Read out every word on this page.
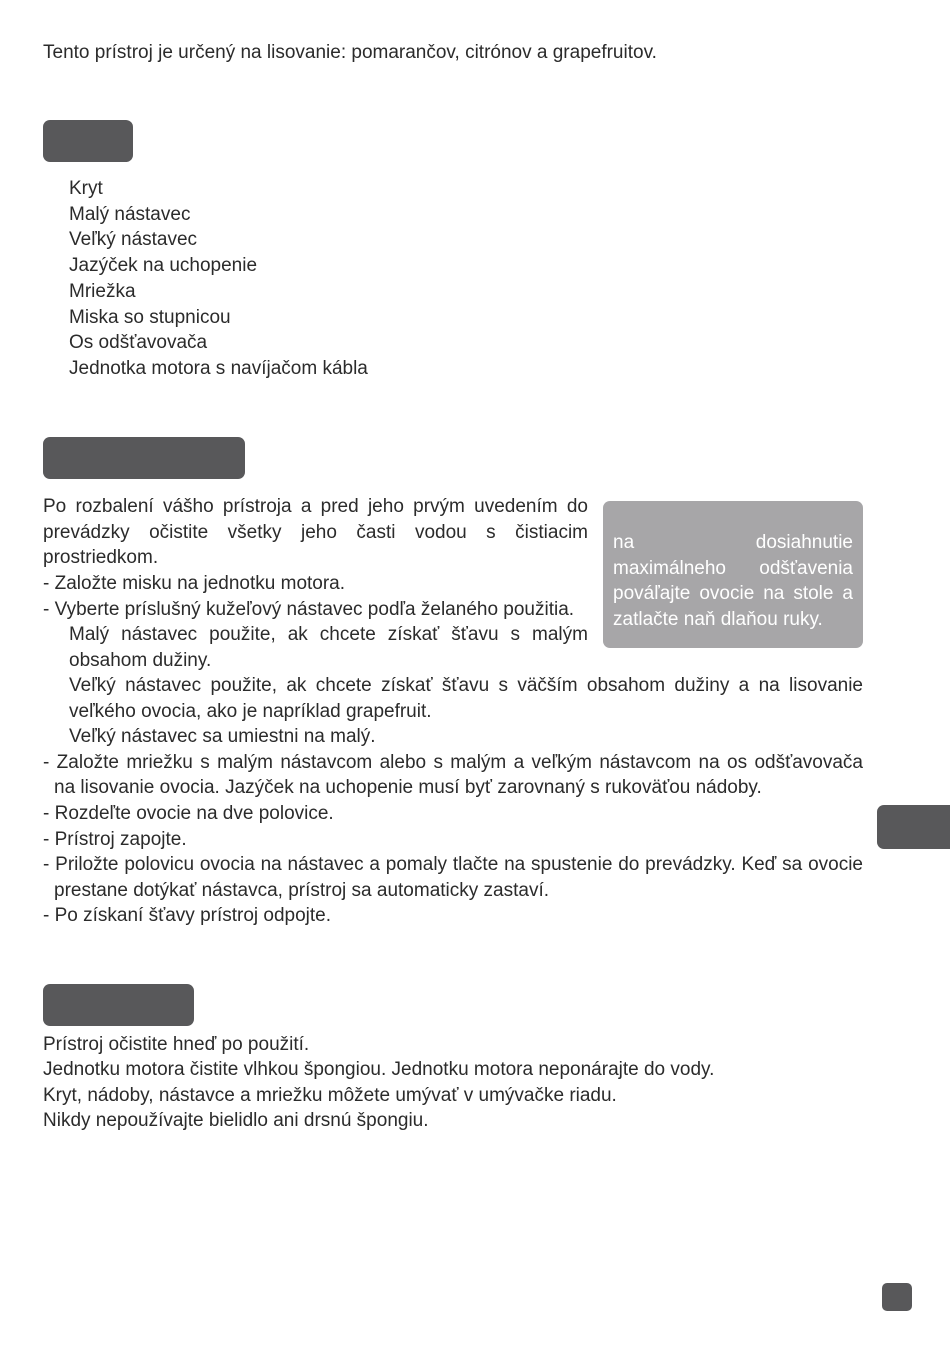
Tento prístroj je určený na lisovanie: pomarančov, citrónov a grapefruitov.
Kryt
Malý nástavec
Veľký nástavec
Jazýček na uchopenie
Mriežka
Miska so stupnicou
Os odšťavovača
Jednotka motora s navíjačom kábla
Po rozbalení vášho prístroja a pred jeho prvým uvedením do
prevádzky očistite všetky jeho časti vodou s čistiacim
prostriedkom.
- Založte misku na jednotku motora.
- Vyberte príslušný kužeľový nástavec podľa želaného použitia.
Malý nástavec použite, ak chcete získať šťavu s malým
obsahom dužiny.
Veľký nástavec použite, ak chcete získať šťavu s väčším obsahom dužiny a na lisovanie
veľkého ovocia, ako je napríklad grapefruit.
Veľký nástavec sa umiestni na malý.
- Založte mriežku s malým nástavcom alebo s malým a veľkým nástavcom na os odšťavovača
na lisovanie ovocia. Jazýček na uchopenie musí byť zarovnaný s rukoväťou nádoby.
- Rozdeľte ovocie na dve polovice.
- Prístroj zapojte.
- Priložte polovicu ovocia na nástavec a pomaly tlačte na spustenie do prevádzky. Keď sa ovocie
prestane dotýkať nástavca, prístroj sa automaticky zastaví.
- Po získaní šťavy prístroj odpojte.
na dosiahnutie
maximálneho odšťavenia
pováľajte ovocie na stole a
zatlačte naň dlaňou ruky.
Prístroj očistite hneď po použití.
Jednotku motora čistite vlhkou špongiou. Jednotku motora neponárajte do vody.
Kryt, nádoby, nástavce a mriežku môžete umývať v umývačke riadu.
Nikdy nepoužívajte bielidlo ani drsnú špongiu.
